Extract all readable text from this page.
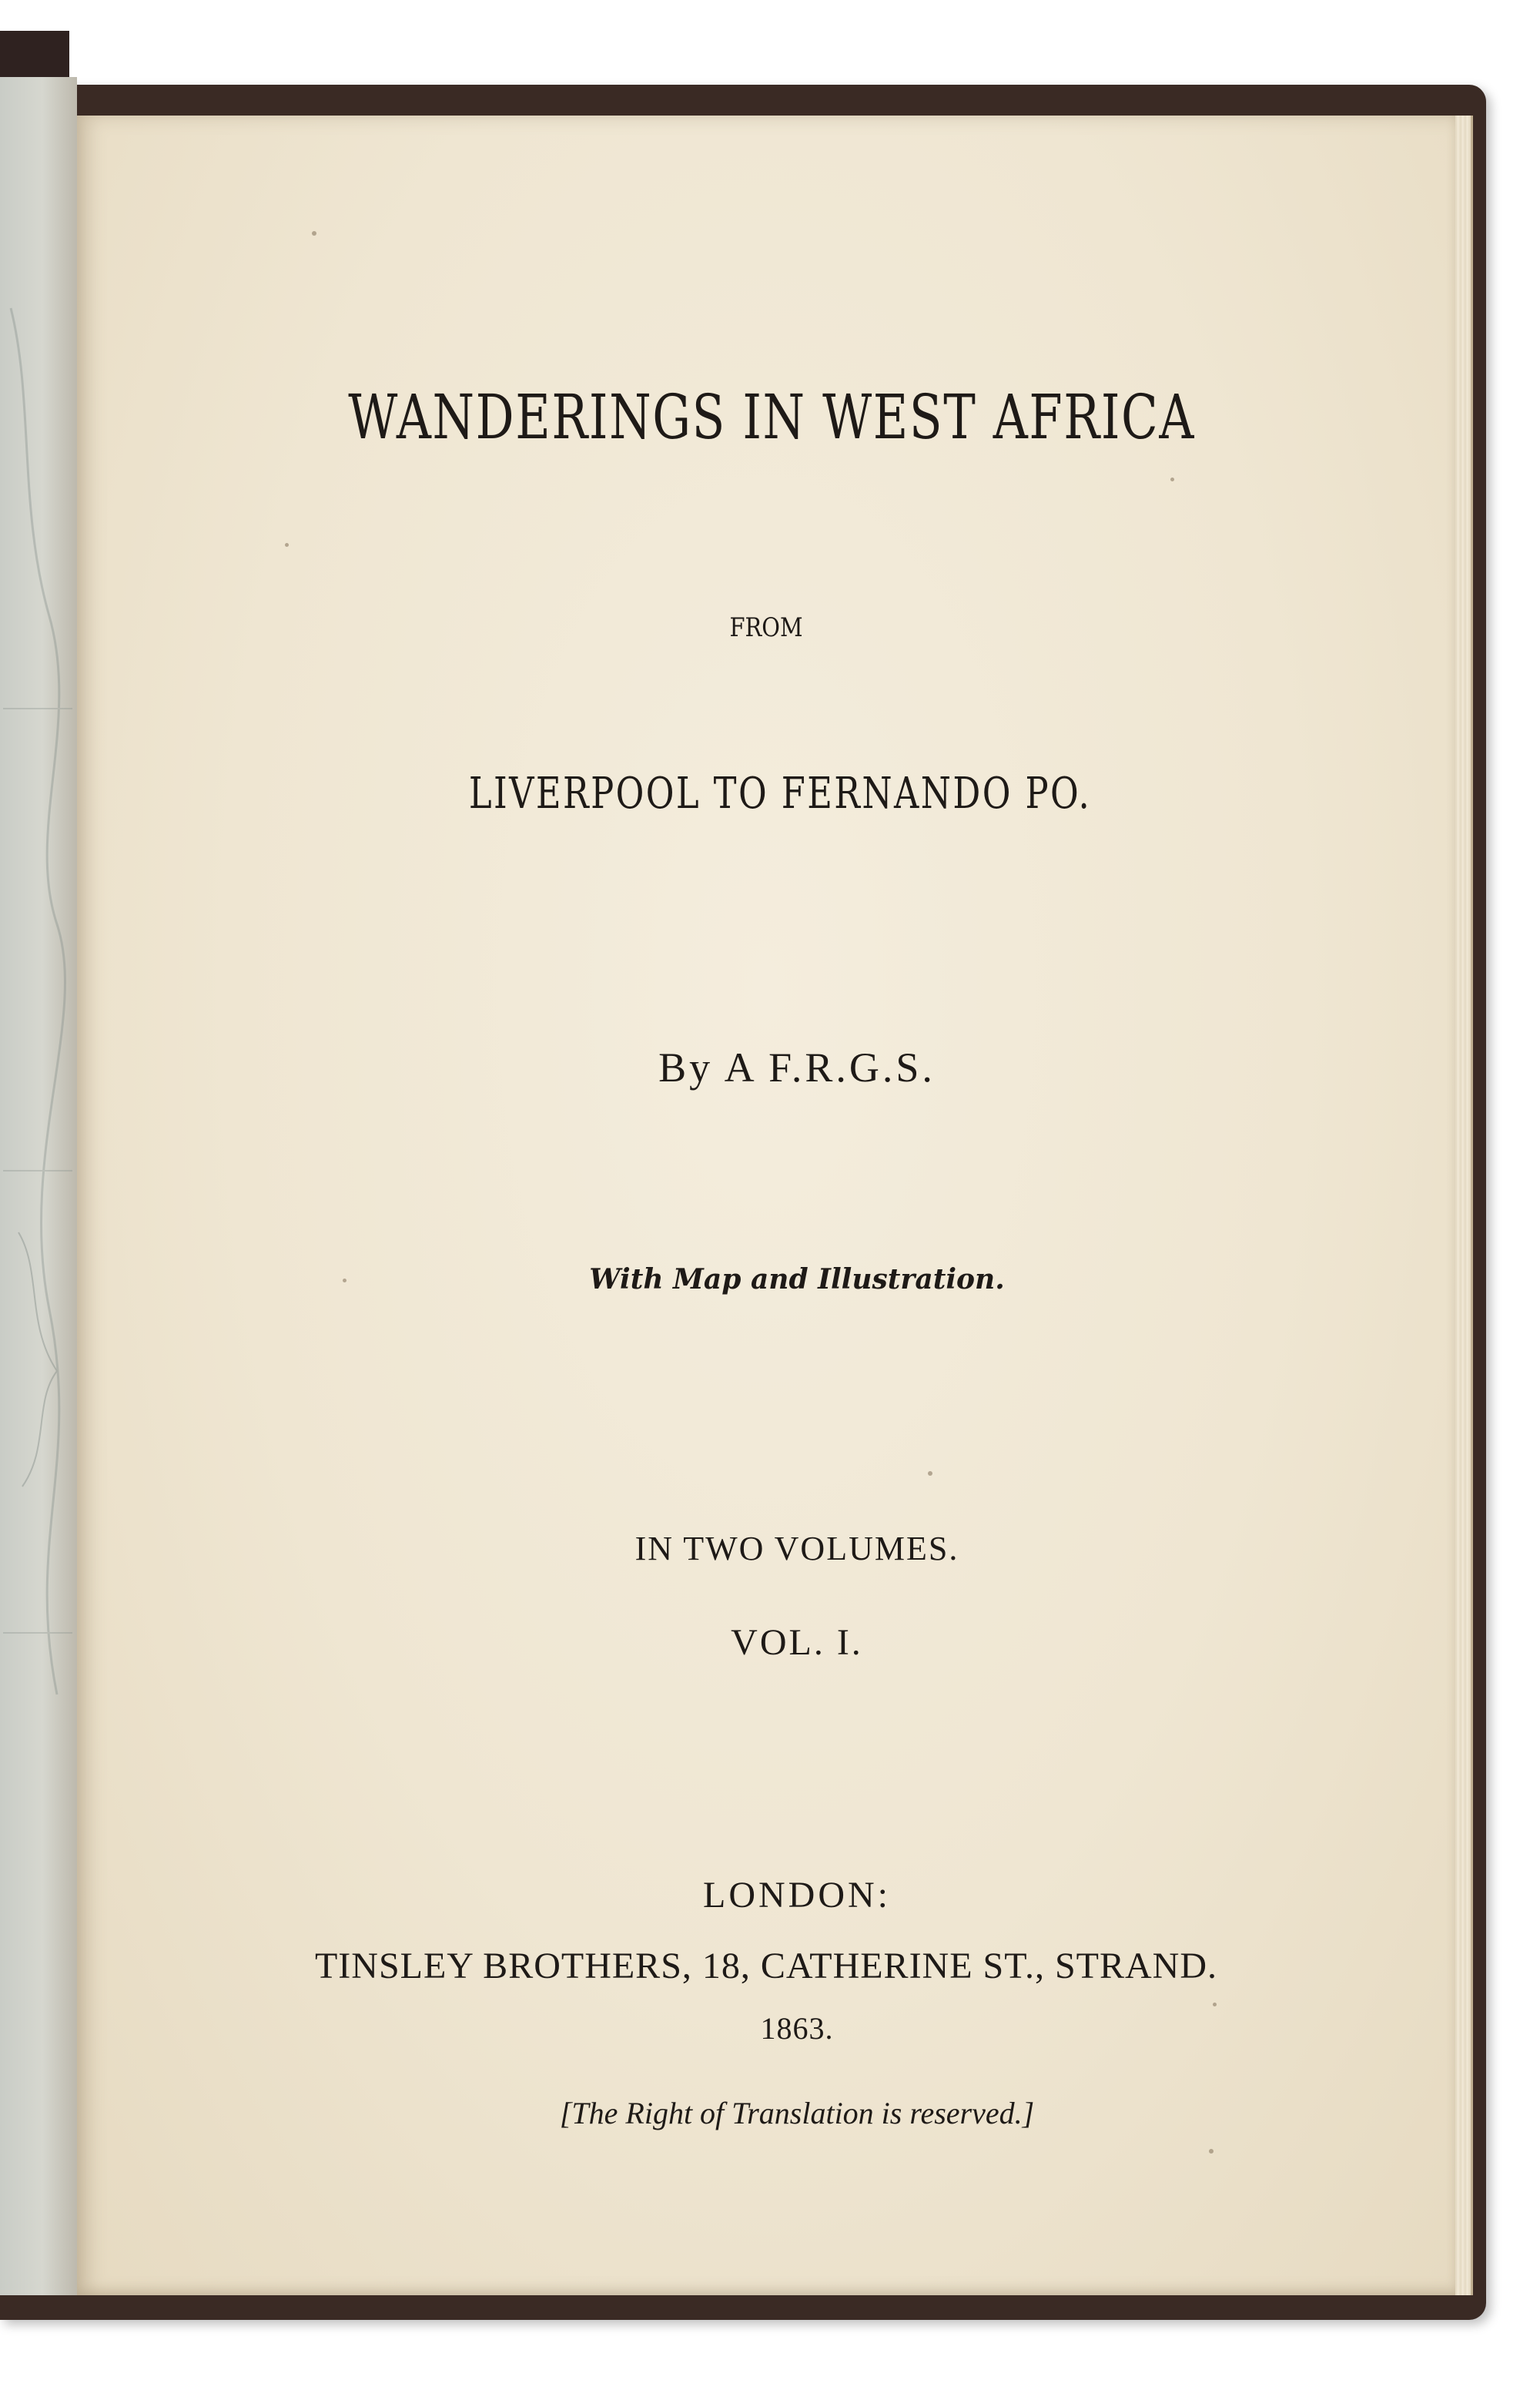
WANDERINGS IN WEST AFRICA
FROM
LIVERPOOL TO FERNANDO PO.
By A F.R.G.S.
With Map and Illustration.
IN TWO VOLUMES.
VOL. I.
LONDON:
TINSLEY BROTHERS, 18, CATHERINE ST., STRAND.
1863.
[The Right of Translation is reserved.]
